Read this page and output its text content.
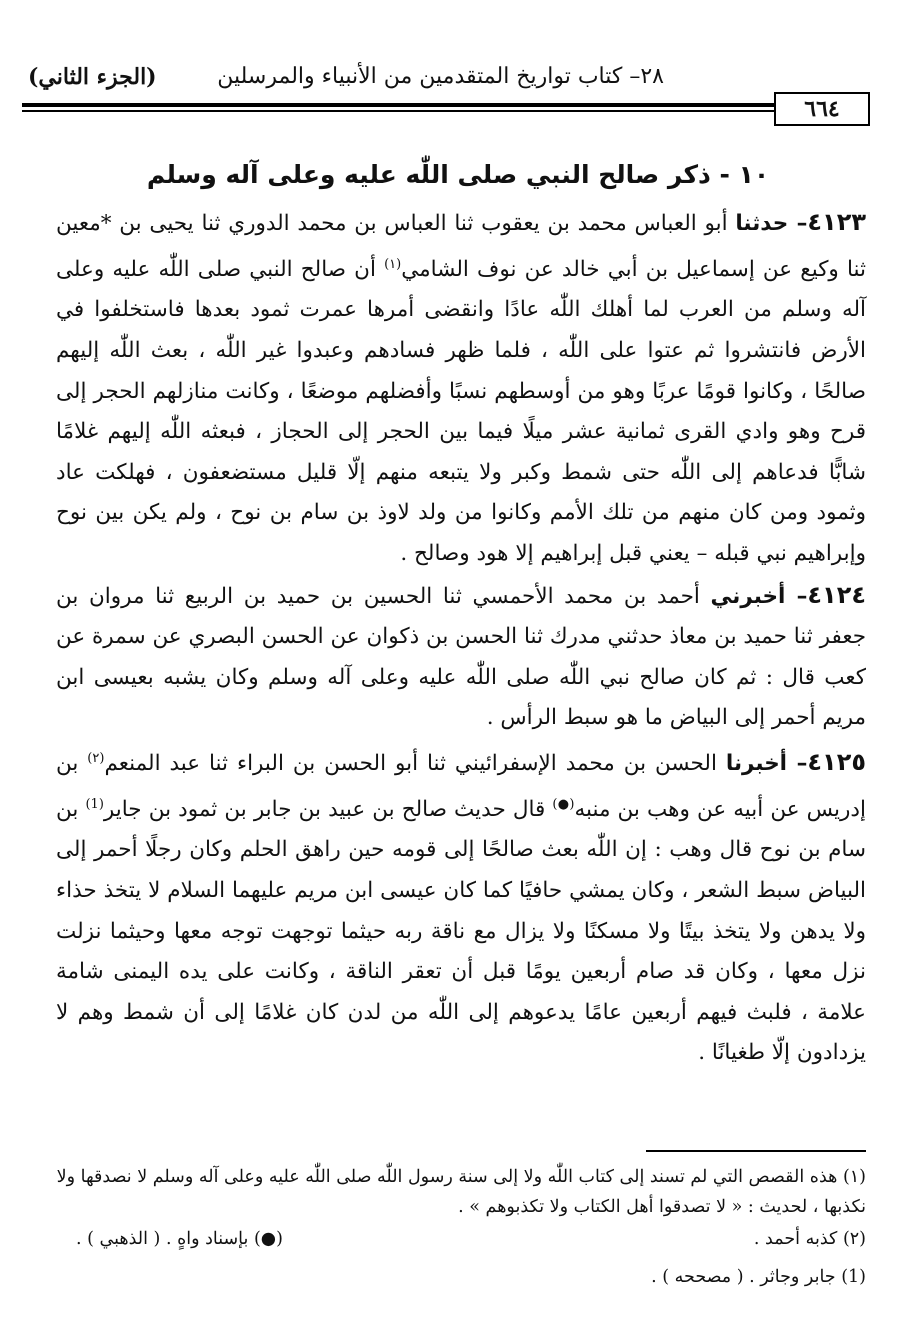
٢٨– كتاب تواريخ المتقدمين من الأنبياء والمرسلين
(الجزء الثاني)
٦٦٤
١٠ - ذكر صالح النبي صلى اللّٰه عليه وعلى آله وسلم

٤١٢٣– حدثنا أبو العباس محمد بن يعقوب ثنا العباس بن محمد الدوري ثنا يحيى بن *معين ثنا وكيع عن إسماعيل بن أبي خالد عن نوف الشامي$^{(١)}$ أن صالح النبي صلى اللّٰه عليه وعلى آله وسلم من العرب لما أهلك اللّٰه عادًا وانقضى أمرها عمرت ثمود بعدها فاستخلفوا في الأرض فانتشروا ثم عتوا على اللّٰه ، فلما ظهر فسادهم وعبدوا غير اللّٰه ، بعث اللّٰه إليهم صالحًا ، وكانوا قومًا عربًا وهو من أوسطهم نسبًا وأفضلهم موضعًا ، وكانت منازلهم الحجر إلى قرح وهو وادي القرى ثمانية عشر ميلًا فيما بين الحجر إلى الحجاز ، فبعثه اللّٰه إليهم غلامًا شابًّا فدعاهم إلى اللّٰه حتى شمط وكبر ولا يتبعه منهم إلّا قليل مستضعفون ، فهلكت عاد وثمود ومن كان منهم من تلك الأمم وكانوا من ولد لاوذ بن سام بن نوح ، ولم يكن بين نوح وإبراهيم نبي قبله – يعني قبل إبراهيم إلا هود وصالح .

٤١٢٤– أخبرني أحمد بن محمد الأحمسي ثنا الحسين بن حميد بن الربيع ثنا مروان بن جعفر ثنا حميد بن معاذ حدثني مدرك ثنا الحسن بن ذكوان عن الحسن البصري عن سمرة عن كعب قال : ثم كان صالح نبي اللّٰه صلى اللّٰه عليه وعلى آله وسلم وكان يشبه بعيسى ابن مريم أحمر إلى البياض ما هو سبط الرأس .

٤١٢٥– أخبرنا الحسن بن محمد الإسفرائيني ثنا أبو الحسن بن البراء ثنا عبد المنعم$^{(٢)}$ بن إدريس عن أبيه عن وهب بن منبه(●) قال حديث صالح بن عبيد بن جابر بن ثمود بن جاير$^{(1)}$ بن سام بن نوح قال وهب : إن اللّٰه بعث صالحًا إلى قومه حين راهق الحلم وكان رجلًا أحمر إلى البياض سبط الشعر ، وكان يمشي حافيًا كما كان عيسى ابن مريم عليهما السلام لا يتخذ حذاء ولا يدهن ولا يتخذ بيتًا ولا مسكنًا ولا يزال مع ناقة ربه حيثما توجهت توجه معها وحيثما نزلت نزل معها ، وكان قد صام أربعين يومًا قبل أن تعقر الناقة ، وكانت على يده اليمنى شامة علامة ، فلبث فيهم أربعين عامًا يدعوهم إلى اللّٰه من لدن كان غلامًا إلى أن شمط وهم لا يزدادون إلّا طغيانًا .

(١) هذه القصص التي لم تسند إلى كتاب اللّٰه ولا إلى سنة رسول اللّٰه صلى اللّٰه عليه وعلى آله وسلم لا نصدقها ولا نكذبها ، لحديث : « لا تصدقوا أهل الكتاب ولا تكذبوهم » .
(٢) كذبه أحمد .
(●) بإسناد واهٍ . ( الذهبي ) .
(1) جابر وجاثر . ( مصححه ) .
